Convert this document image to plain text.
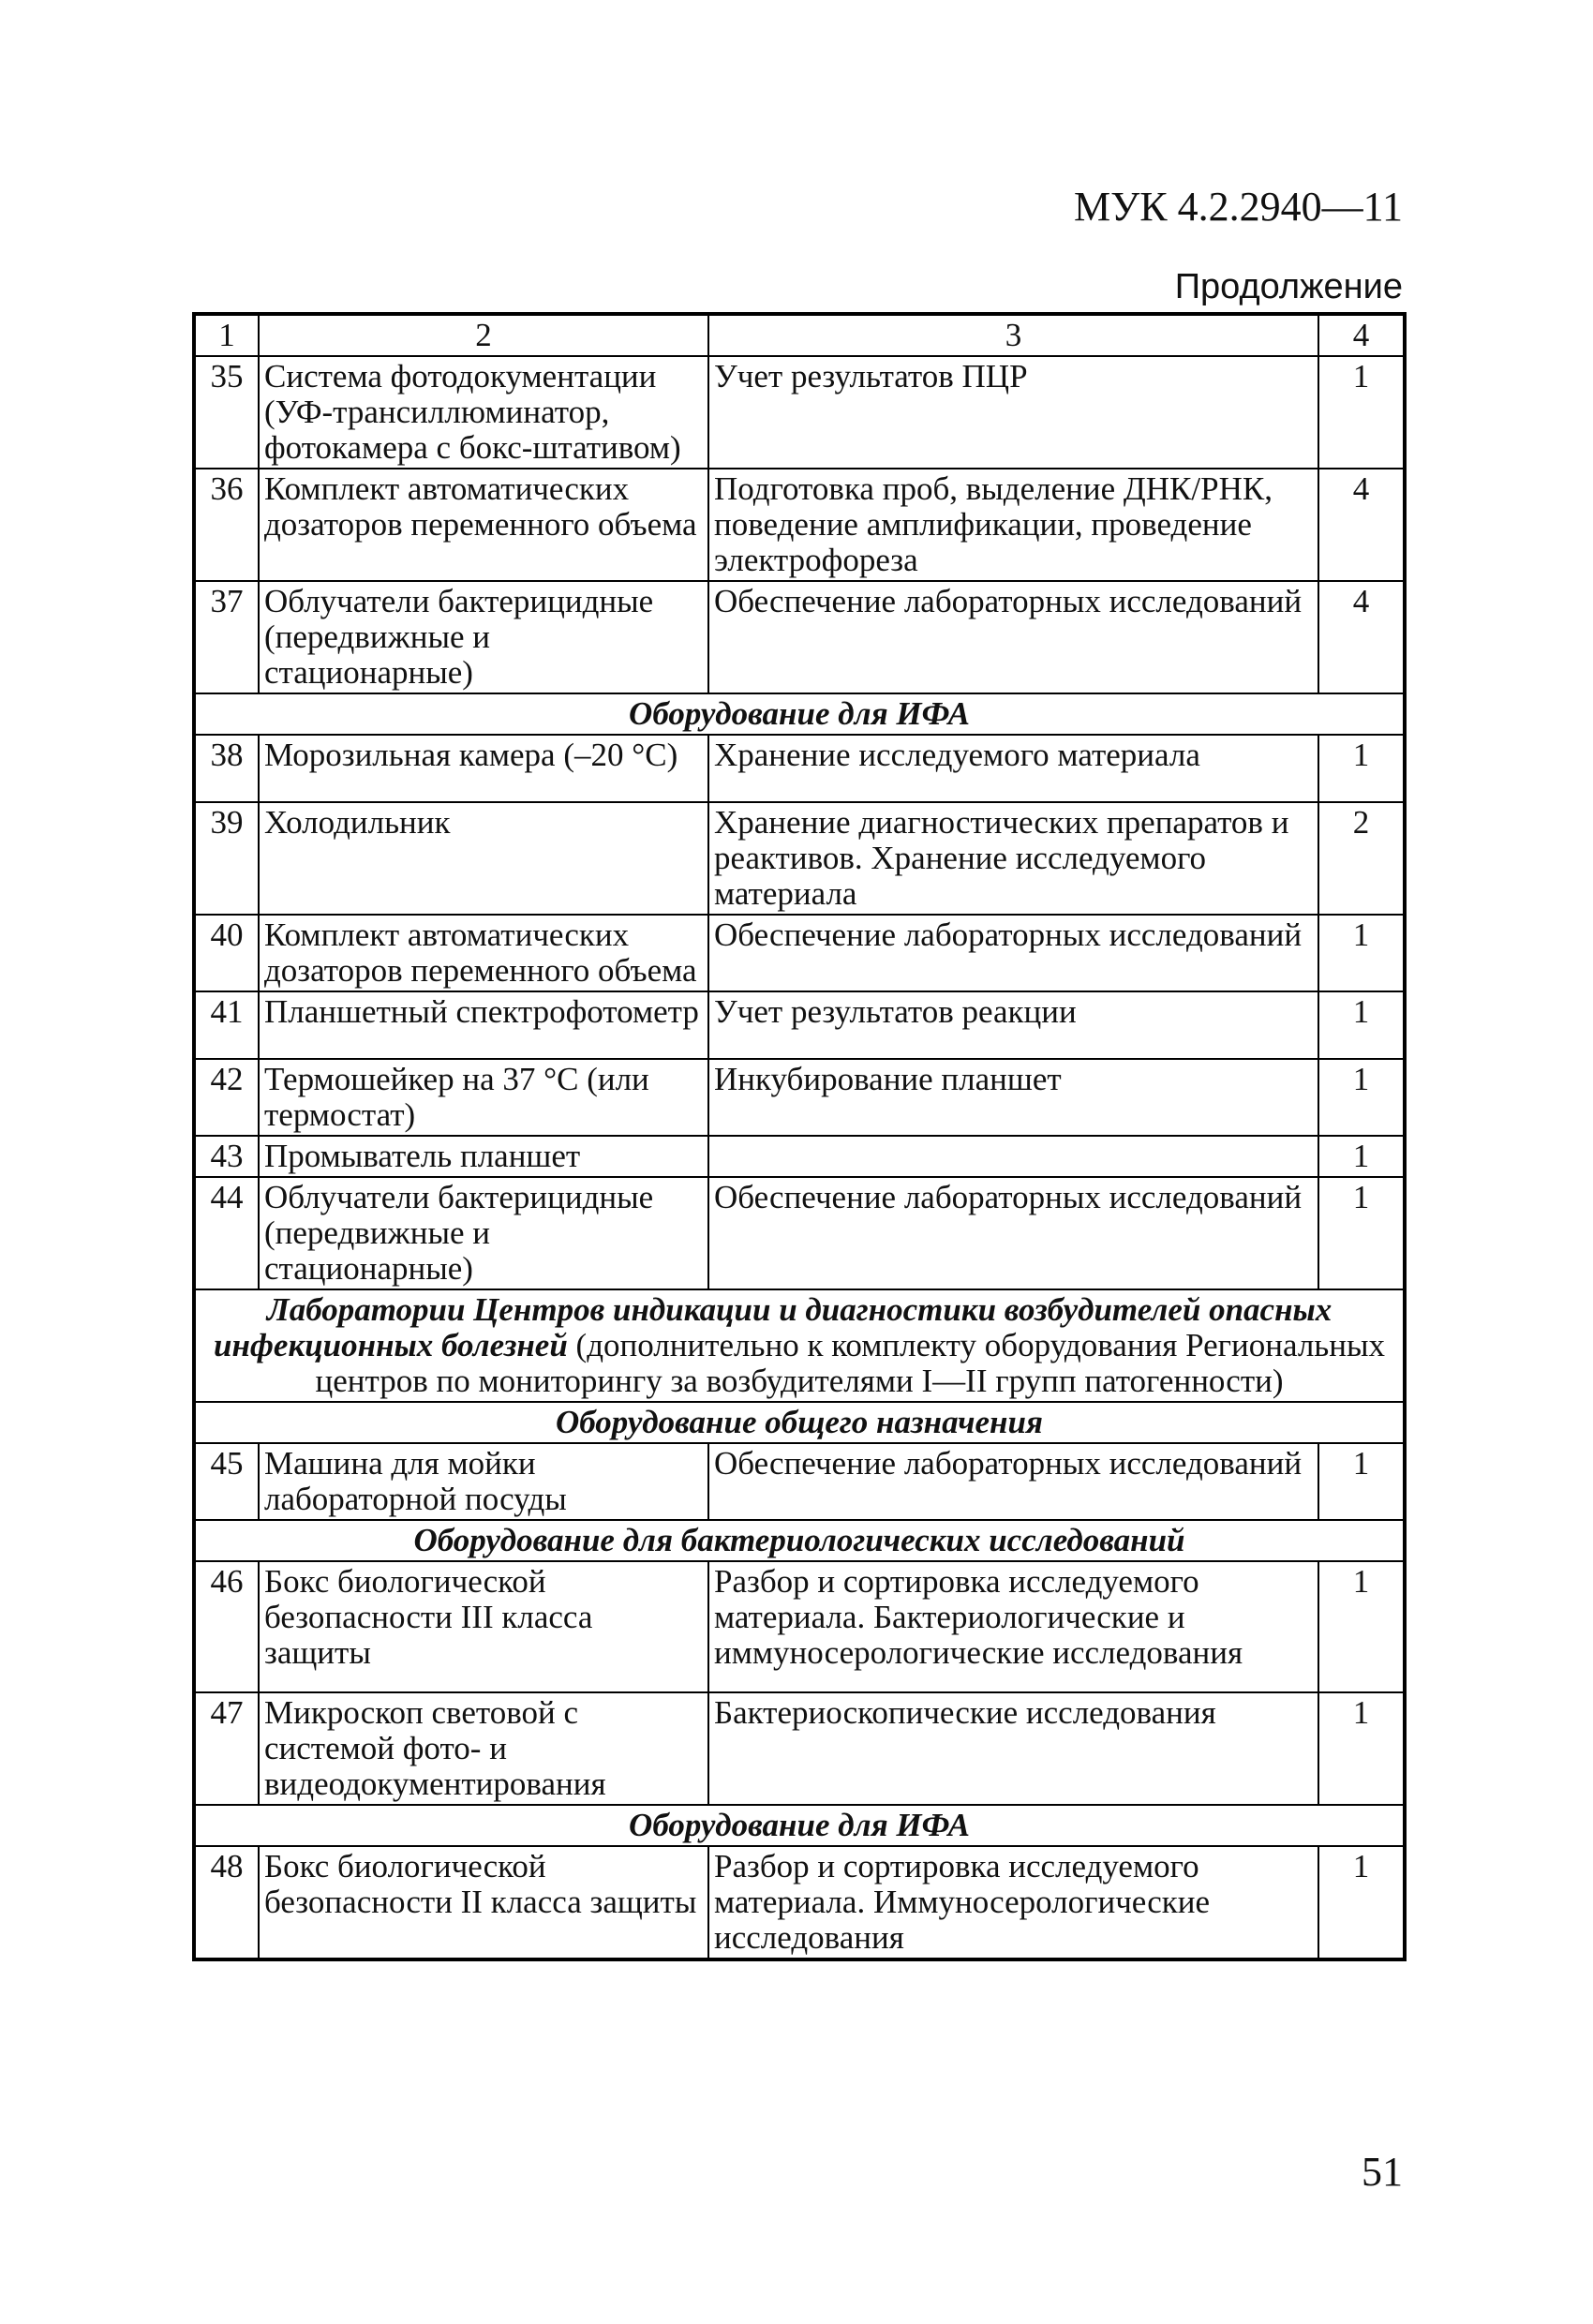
МУК 4.2.2940—11
Продолжение
1	2	3	4
35	Система фотодокументации (УФ-трансиллюминатор, фотокамера с бокс-штативом)	Учет результатов ПЦР	1
36	Комплект автоматических дозаторов переменного объема	Подготовка проб, выделение ДНК/РНК, поведение амплификации, проведение электрофореза	4
37	Облучатели бактерицидные (передвижные и стационарные)	Обеспечение лабораторных исследований	4
Оборудование для ИФА			
38	Морозильная камера (–20 °С)	Хранение исследуемого материала	1
39	Холодильник	Хранение диагностических препаратов и реактивов. Хранение исследуемого материала	2
40	Комплект автоматических дозаторов переменного объема	Обеспечение лабораторных исследований	1
41	Планшетный спектрофотометр	Учет результатов реакции	1
42	Термошейкер на 37 °С (или термостат)	Инкубирование планшет	1
43	Промыватель планшет		1
44	Облучатели бактерицидные (передвижные и стационарные)	Обеспечение лабораторных исследований	1
Лаборатории Центров индикации и диагностики возбудителей опасных инфекционных болезней (дополнительно к комплекту оборудования Региональных центров по мониторингу за возбудителями I—II групп патогенности)			
Оборудование общего назначения			
45	Машина для мойки лабораторной посуды	Обеспечение лабораторных исследований	1
Оборудование для бактериологических исследований			
46	Бокс биологической безопасности III класса защиты	Разбор и сортировка исследуемого материала. Бактериологические и иммуносерологические исследования	1
47	Микроскоп световой с системой фото- и видеодокументирования	Бактериоскопические исследования	1
Оборудование для ИФА			
48	Бокс биологической безопасности II класса защиты	Разбор и сортировка исследуемого материала. Иммуносерологические исследования	1
51
